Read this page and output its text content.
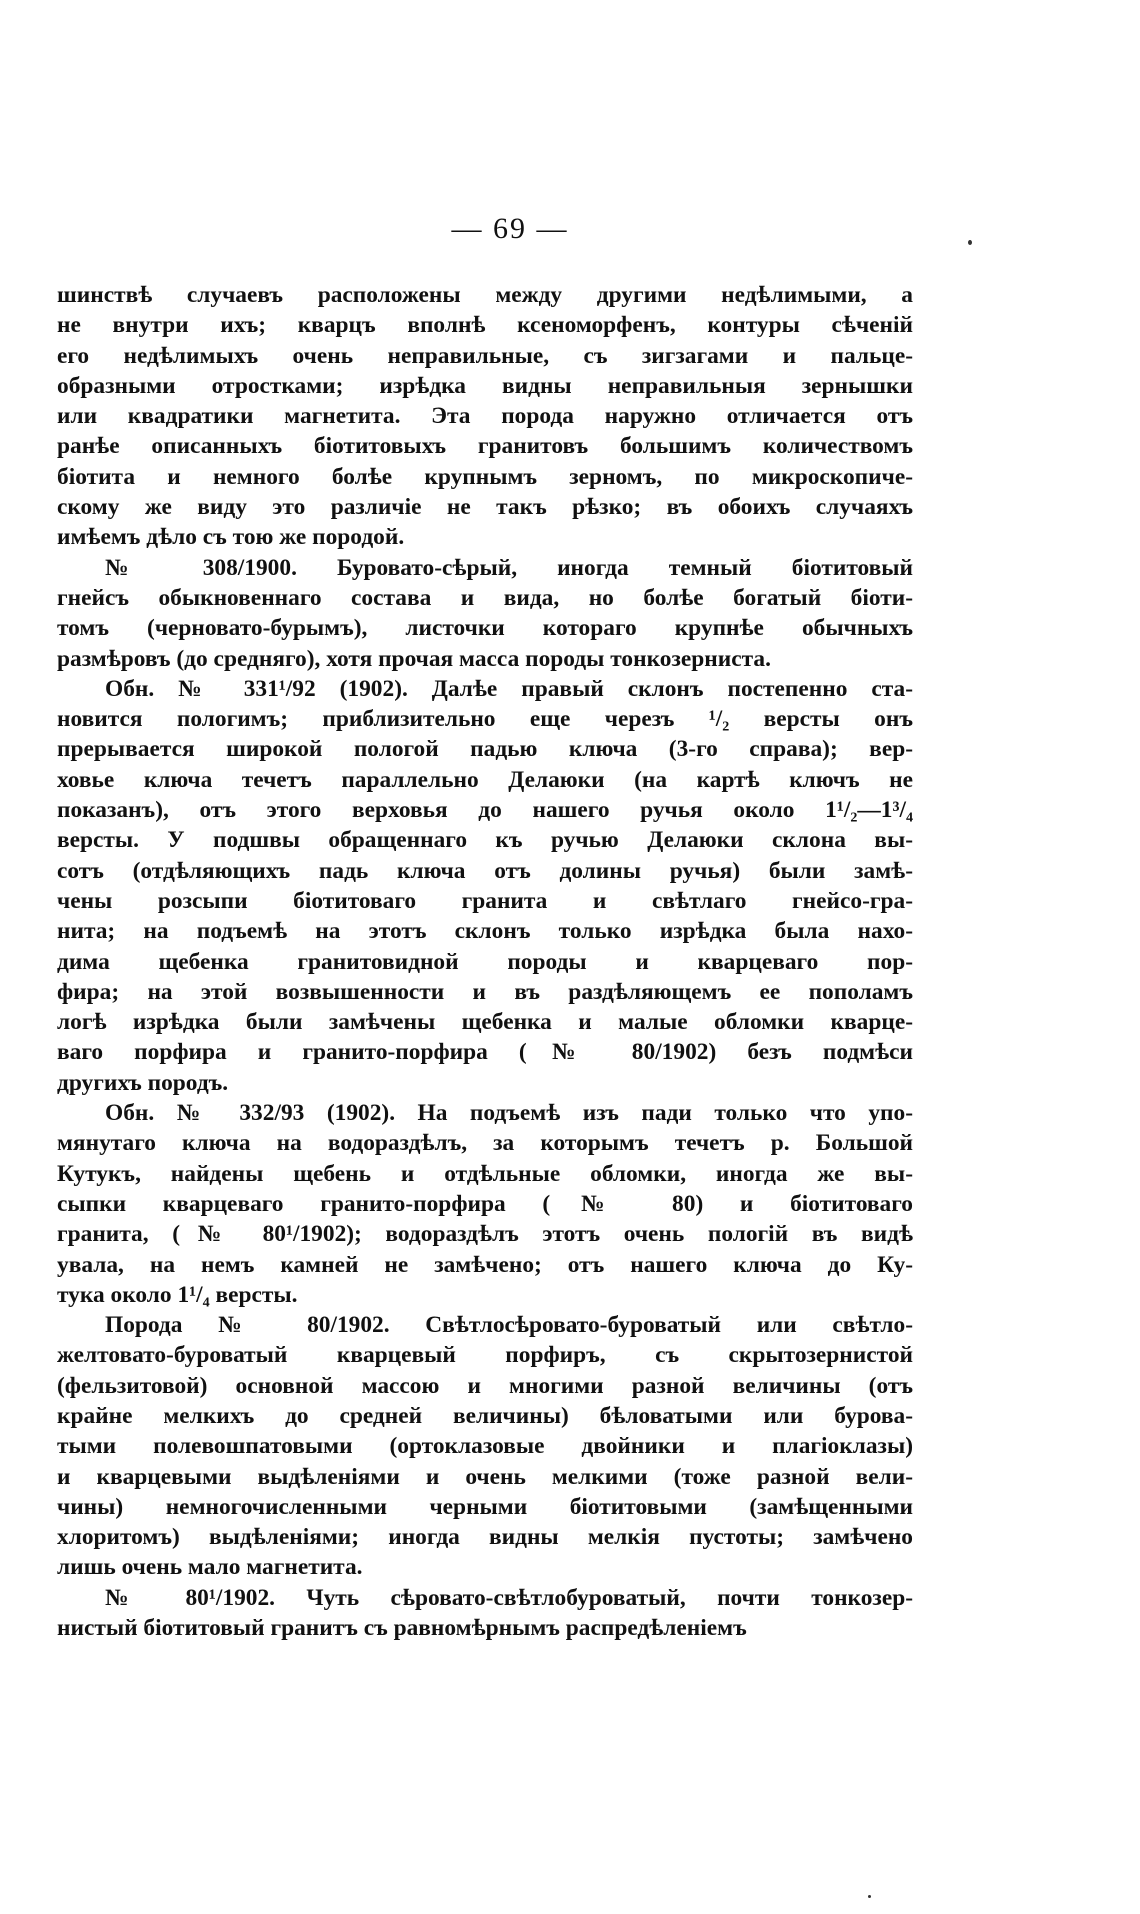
— 69 —
шинствѣ случаевъ расположены между другими недѣлимыми, а
не внутри ихъ; кварцъ вполнѣ ксеноморфенъ, контуры сѣченій
его недѣлимыхъ очень неправильные, съ зигзагами и пальце-
образными отростками; изрѣдка видны неправильныя зернышки
или квадратики магнетита. Эта порода наружно отличается отъ
ранѣе описанныхъ біотитовыхъ гранитовъ большимъ количествомъ
біотита и немного болѣе крупнымъ зерномъ, по микроскопиче-
скому же виду это различіе не такъ рѣзко; въ обоихъ случаяхъ
имѣемъ дѣло съ тою же породой.
№ 308/1900. Буровато-сѣрый, иногда темный біотитовый
гнейсъ обыкновеннаго состава и вида, но болѣе богатый біоти-
томъ (черновато-бурымъ), листочки котораго крупнѣе обычныхъ
размѣровъ (до средняго), хотя прочая масса породы тонкозерниста.
Обн. № 331¹/92 (1902). Далѣе правый склонъ постепенно ста-
новится пологимъ; приблизительно еще черезъ ¹/₂ версты онъ
прерывается широкой пологой падью ключа (3-го справа); вер-
ховье ключа течетъ параллельно Делаюки (на картѣ ключъ не
показанъ), отъ этого верховья до нашего ручья около 1¹/₂—1³/₄
версты. У подшвы обращеннаго къ ручью Делаюки склона вы-
сотъ (отдѣляющихъ падь ключа отъ долины ручья) были замѣ-
чены розсыпи біотитоваго гранита и свѣтлаго гнейсо-гра-
нита; на подъемѣ на этотъ склонъ только изрѣдка была нахо-
дима щебенка гранитовидной породы и кварцеваго пор-
фира; на этой возвышенности и въ раздѣляющемъ ее пополамъ
логѣ изрѣдка были замѣчены щебенка и малые обломки кварце-
ваго порфира и гранито-порфира (№ 80/1902) безъ подмѣси
другихъ породъ.
Обн. № 332/93 (1902). На подъемѣ изъ пади только что упо-
мянутаго ключа на водораздѣлъ, за которымъ течетъ р. Большой
Кутукъ, найдены щебень и отдѣльные обломки, иногда же вы-
сыпки кварцеваго гранито-порфира (№ 80) и біотитоваго
гранита, (№ 80¹/1902); водораздѣлъ этотъ очень пологій въ видѣ
увала, на немъ камней не замѣчено; отъ нашего ключа до Ку-
тука около 1¹/₄ версты.
Порода № 80/1902. Свѣтлосѣровато-буроватый или свѣтло-
желтовато-буроватый кварцевый порфиръ, съ скрытозернистой
(фельзитовой) основной массою и многими разной величины (отъ
крайне мелкихъ до средней величины) бѣловатыми или бурова-
тыми полевошпатовыми (ортоклазовые двойники и плагіоклазы)
и кварцевыми выдѣленіями и очень мелкими (тоже разной вели-
чины) немногочисленными черными біотитовыми (замѣщенными
хлоритомъ) выдѣленіями; иногда видны мелкія пустоты; замѣчено
лишь очень мало магнетита.
№ 80¹/1902. Чуть сѣровато-свѣтлобуроватый, почти тонкозер-
нистый біотитовый гранитъ съ равномѣрнымъ распредѣленіемъ
